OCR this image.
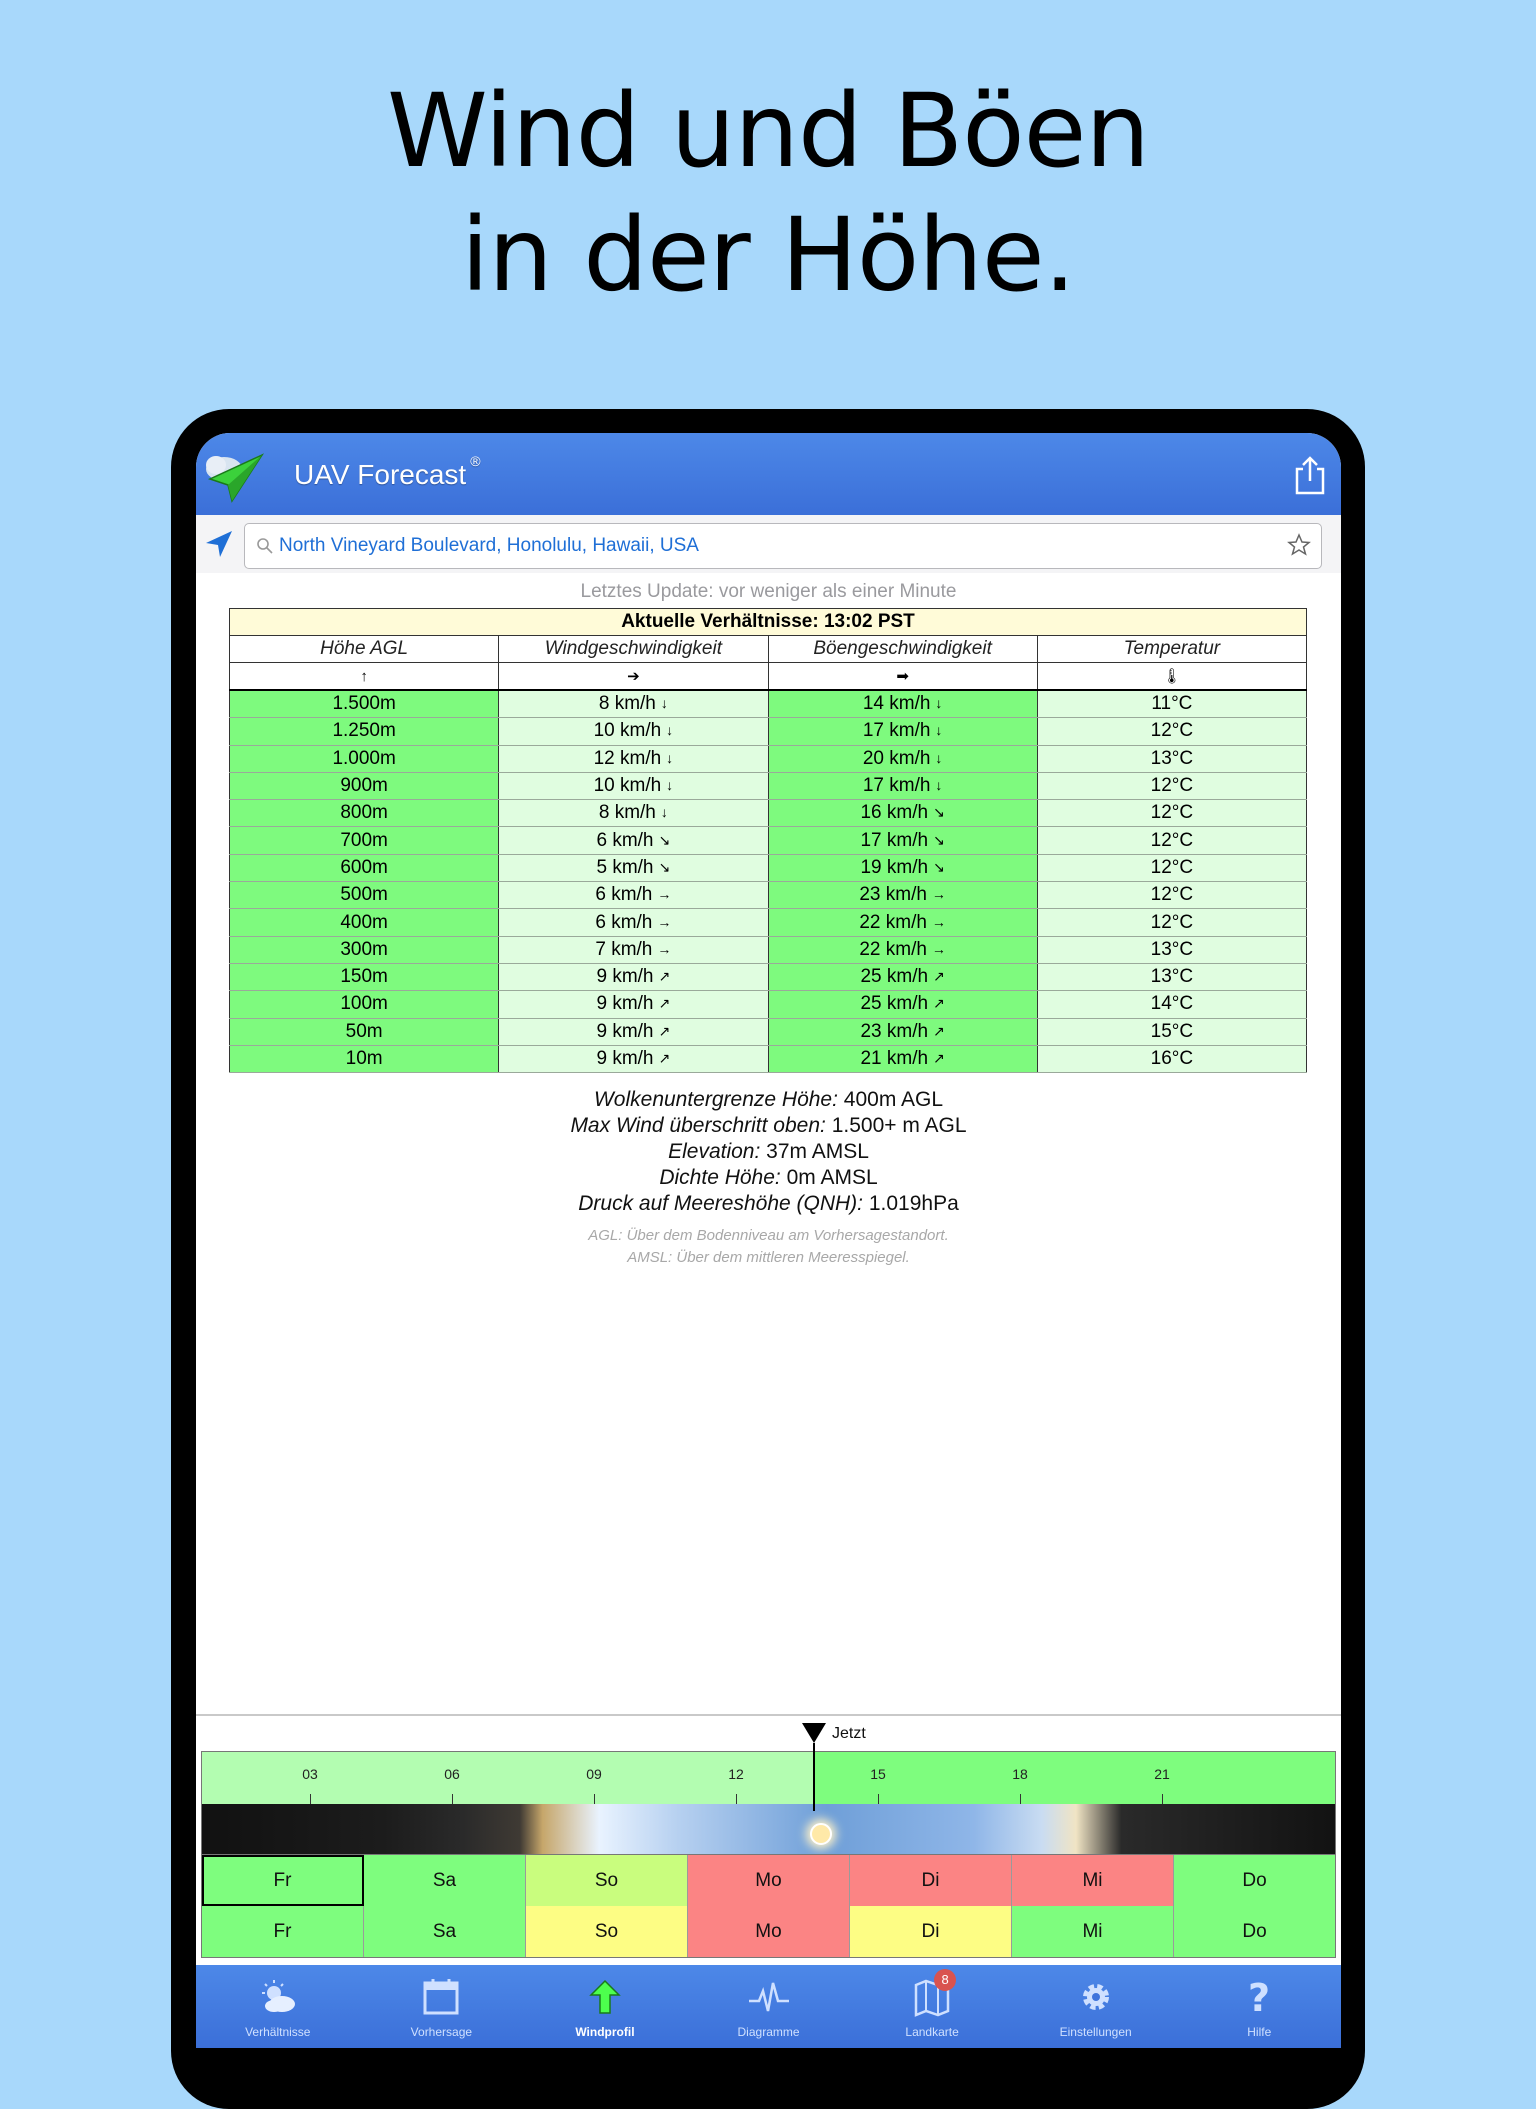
Wind und Böen
in der Höhe.
UAV Forecast ®
North Vineyard Boulevard, Honolulu, Hawaii, USA
Letztes Update: vor weniger als einer Minute
Aktuelle Verhältnisse: 13:02 PST			
Höhe AGL	Windgeschwindigkeit	Böengeschwindigkeit	Temperatur
↑	➔	➡	🌡
1.500m	8 km/h ↓	14 km/h ↓	11°C
1.250m	10 km/h ↓	17 km/h ↓	12°C
1.000m	12 km/h ↓	20 km/h ↓	13°C
900m	10 km/h ↓	17 km/h ↓	12°C
800m	8 km/h ↓	16 km/h ↘	12°C
700m	6 km/h ↘	17 km/h ↘	12°C
600m	5 km/h ↘	19 km/h ↘	12°C
500m	6 km/h →	23 km/h →	12°C
400m	6 km/h →	22 km/h →	12°C
300m	7 km/h →	22 km/h →	13°C
150m	9 km/h ↗	25 km/h ↗	13°C
100m	9 km/h ↗	25 km/h ↗	14°C
50m	9 km/h ↗	23 km/h ↗	15°C
10m	9 km/h ↗	21 km/h ↗	16°C
Wolkenuntergrenze Höhe: 400m AGL
Max Wind überschritt oben: 1.500+ m AGL
Elevation: 37m AMSL
Dichte Höhe: 0m AMSL
Druck auf Meereshöhe (QNH): 1.019hPa
AGL: Über dem Bodenniveau am Vorhersagestandort.
AMSL: Über dem mittleren Meeresspiegel.
Jetzt
03	06	09	12	15	18	21
Fr	Sa	So	Mo	Di	Mi	Do
Fr	Sa	So	Mo	Di	Mi	Do
Verhältnisse	Vorhersage	Windprofil	Diagramme
8
Landkarte	Einstellungen
?
Hilfe
